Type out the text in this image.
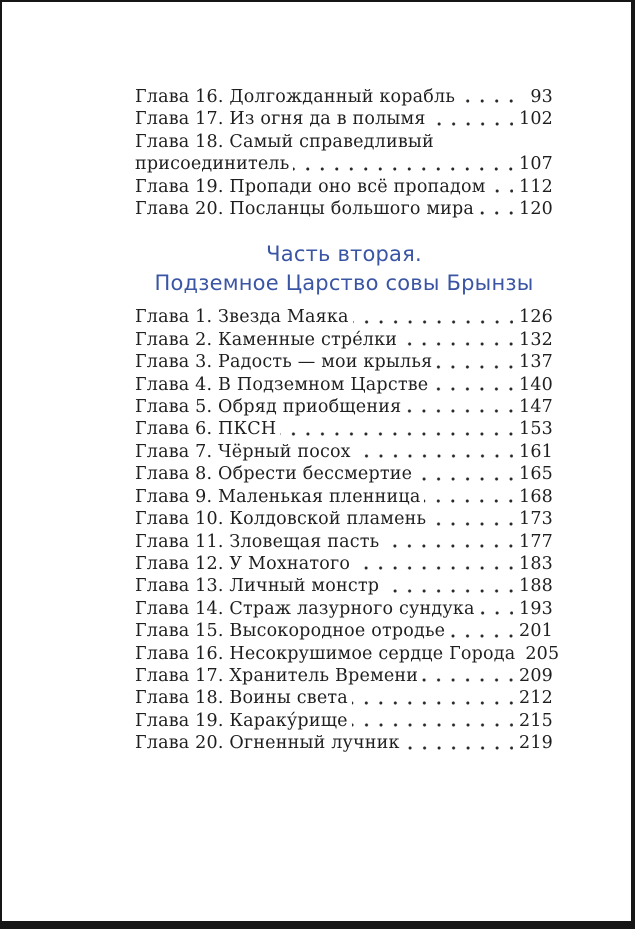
Глава 16. Долгожданный корабль	93
Глава 17. Из огня да в полымя	102
Глава 18. Самый справедливый
присоединитель	107
Глава 19. Пропади оно всё пропадом	112
Глава 20. Посланцы большого мира	120
Часть вторая.
Подземное Царство совы Брынзы
Глава 1. Звезда Маяка	126
Глава 2. Каменные стре́лки	132
Глава 3. Радость — мои крылья	137
Глава 4. В Подземном Царстве	140
Глава 5. Обряд приобщения	147
Глава 6. ПКСН	153
Глава 7. Чёрный посох	161
Глава 8. Обрести бессмертие	165
Глава 9. Маленькая пленница	168
Глава 10. Колдовской пламень	173
Глава 11. Зловещая пасть	177
Глава 12. У Мохнатого	183
Глава 13. Личный монстр	188
Глава 14. Страж лазурного сундука	193
Глава 15. Высокородное отродье	201
Глава 16. Несокрушимое сердце Города 205
Глава 17. Хранитель Времени	209
Глава 18. Воины света	212
Глава 19. Караку́рище	215
Глава 20. Огненный лучник	219
